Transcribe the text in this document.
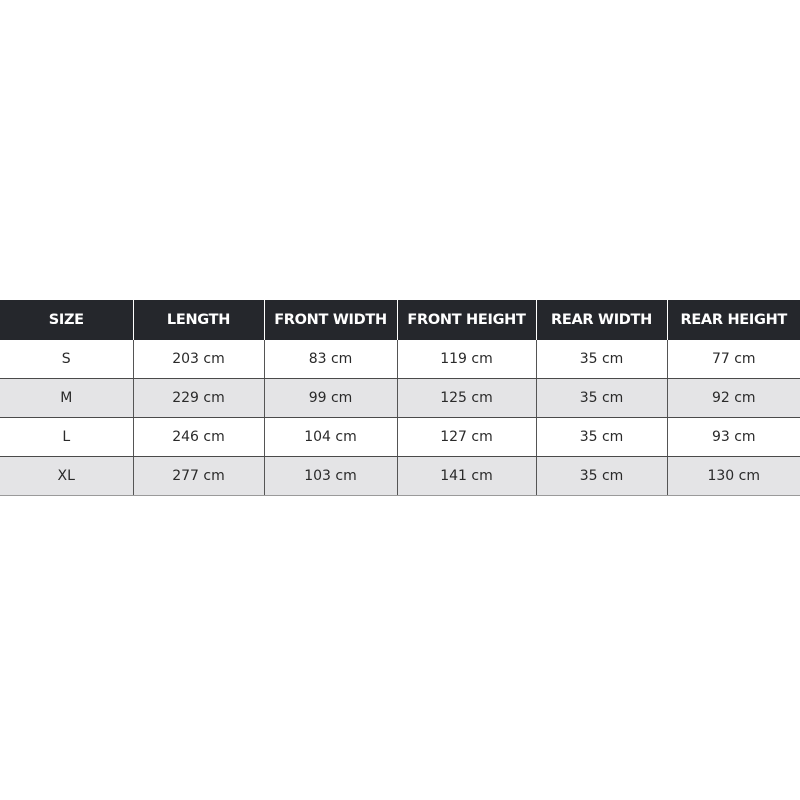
SIZE	LENGTH	FRONT WIDTH	FRONT HEIGHT	REAR WIDTH	REAR HEIGHT
S	203 cm	83 cm	119 cm	35 cm	77 cm
M	229 cm	99 cm	125 cm	35 cm	92 cm
L	246 cm	104 cm	127 cm	35 cm	93 cm
XL	277 cm	103 cm	141 cm	35 cm	130 cm
